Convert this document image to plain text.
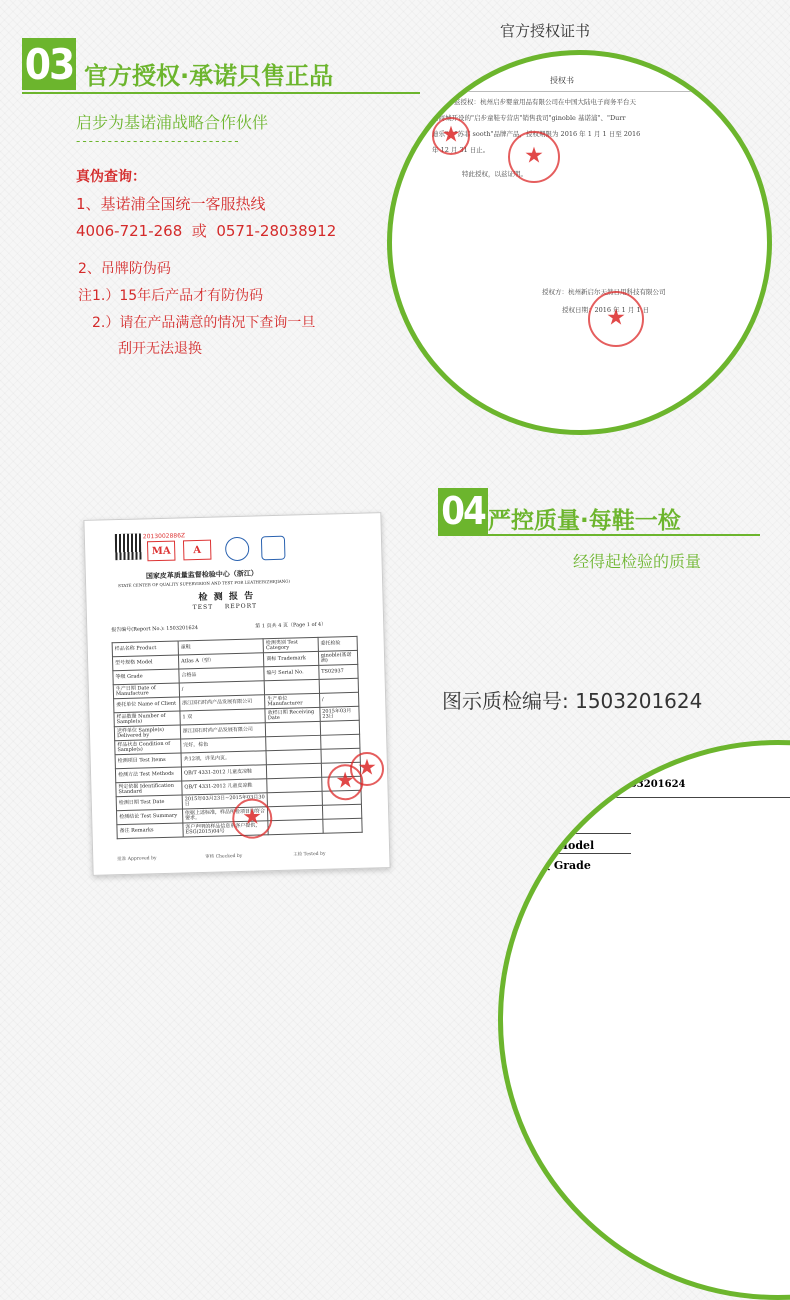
03 官方授权·承诺只售正品
启步为基诺浦战略合作伙伴
--------------------------
真伪查询：
1、基诺浦全国统一客服热线
4006-721-268  或  0571-28038912
2、吊牌防伪码
注1.）15年后产品才有防伪码
2.）请在产品满意的情况下查询一旦
刮开无法退换
官方授权证书
授权书
兹授权：杭州启步婴童用品有限公司在中国大陆电子商务平台天
猫商城开设的"启步童鞋专营店"销售我司"ginoble 基诺浦"、"Durr
迪乐"、"苏菲 sooth"品牌产品，授权期限为 2016 年 1 月 1 日至 2016
年 12 月 31 日止。
特此授权，以兹证明。
★
★
授权方：杭州新启尔天然日用科技有限公司
授权日期：2016 年 1 月 1 日
★
04 严控质量·每鞋一检
经得起检验的质量
图示质检编号: 1503201624
2013002886Z
MA	A
国家皮革质量监督检验中心（浙江）
STATE CENTER OF QUALITY SUPERVISION AND TEST FOR LEATHER(ZHEJIANG)
检  测  报  告
TEST    REPORT
报告编号(Report No.): 1503201624	第 1 页共 4 页（Page 1 of 4）
样品名称 Product	童鞋	检测类别 Test Category	委托检验
型号规格 Model	Atlas A（型）	商标 Trademark	ginoble(基诺浦)
等级 Grade	合格品	编号 Serial No.	TS02937
生产日期 Date of Manufacture	/		
委托单位 Name of Client	浙江国石时尚产品发展有限公司	生产单位 Manufacturer	/
样品数量 Number of Sample(s)	1 双	收样日期 Receiving Date	2015年03月23日
送样单位 Sample(s) Delivered by	浙江国石时尚产品发展有限公司		
样品状态 Condition of Sample(s)	完好，棕色		
检测项目 Test Items	共12项，详见内页。		
检测方法 Test Methods	QB/T 4331-2012 儿童皮凉鞋		
判定依据 Identification Standard	QB/T 4331-2012 儿童皮凉鞋		
检测日期 Test Date	2015年03月23日~2015年03月30日		
检测结论 Test Summary	依据上述标准，样品所检项目均符合要求。		
备注 Remarks	客户声明的样品信息系客户提供，ESG(2015)04号		
★
★
批准 Approved by	审核 Checked by	主检 Tested by
★
编号(Report No.):  1503201624
样品名称
Product
号规格 Model
级 Grade
